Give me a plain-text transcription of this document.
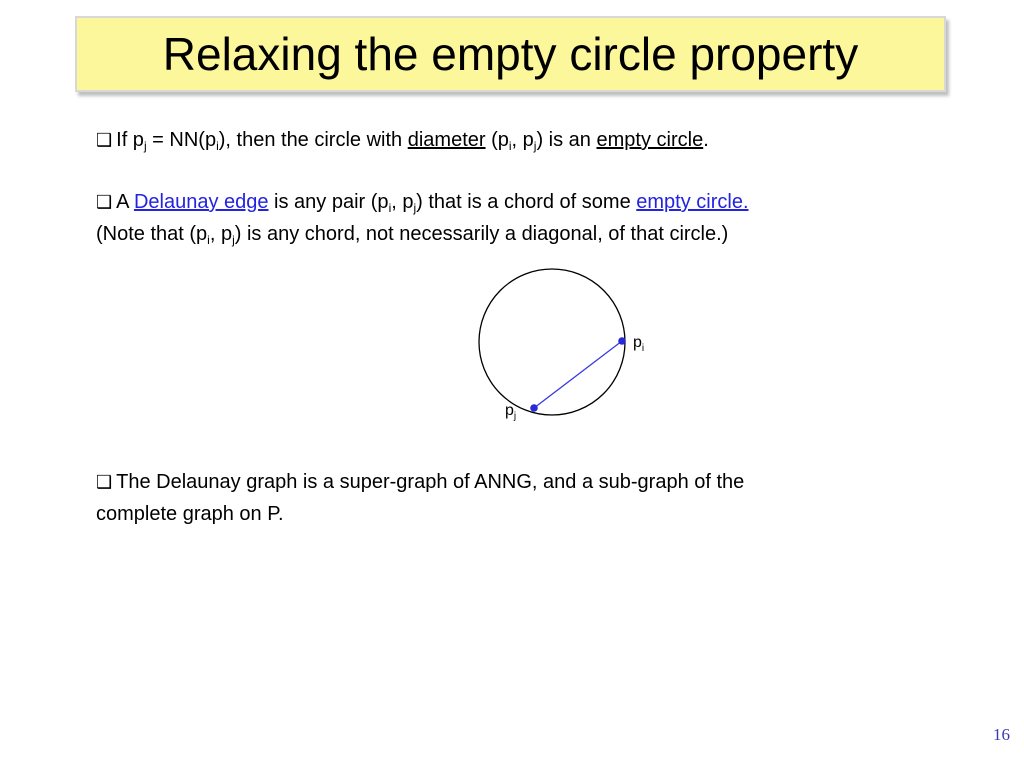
Relaxing the empty circle property
❑ If $p_j = NN(p_i)$, then the circle with diameter ($p_i$, $p_j$) is an empty circle.
❑ A Delaunay edge is any pair ($p_i$, $p_j$) that is a chord of some empty circle.
(Note that ($p_i$, $p_j$) is any chord, not necessarily a diagonal, of that circle.)
$p_i$
$p_j$
❑ The Delaunay graph is a super-graph of ANNG, and a sub-graph of the
complete graph on P.
16
